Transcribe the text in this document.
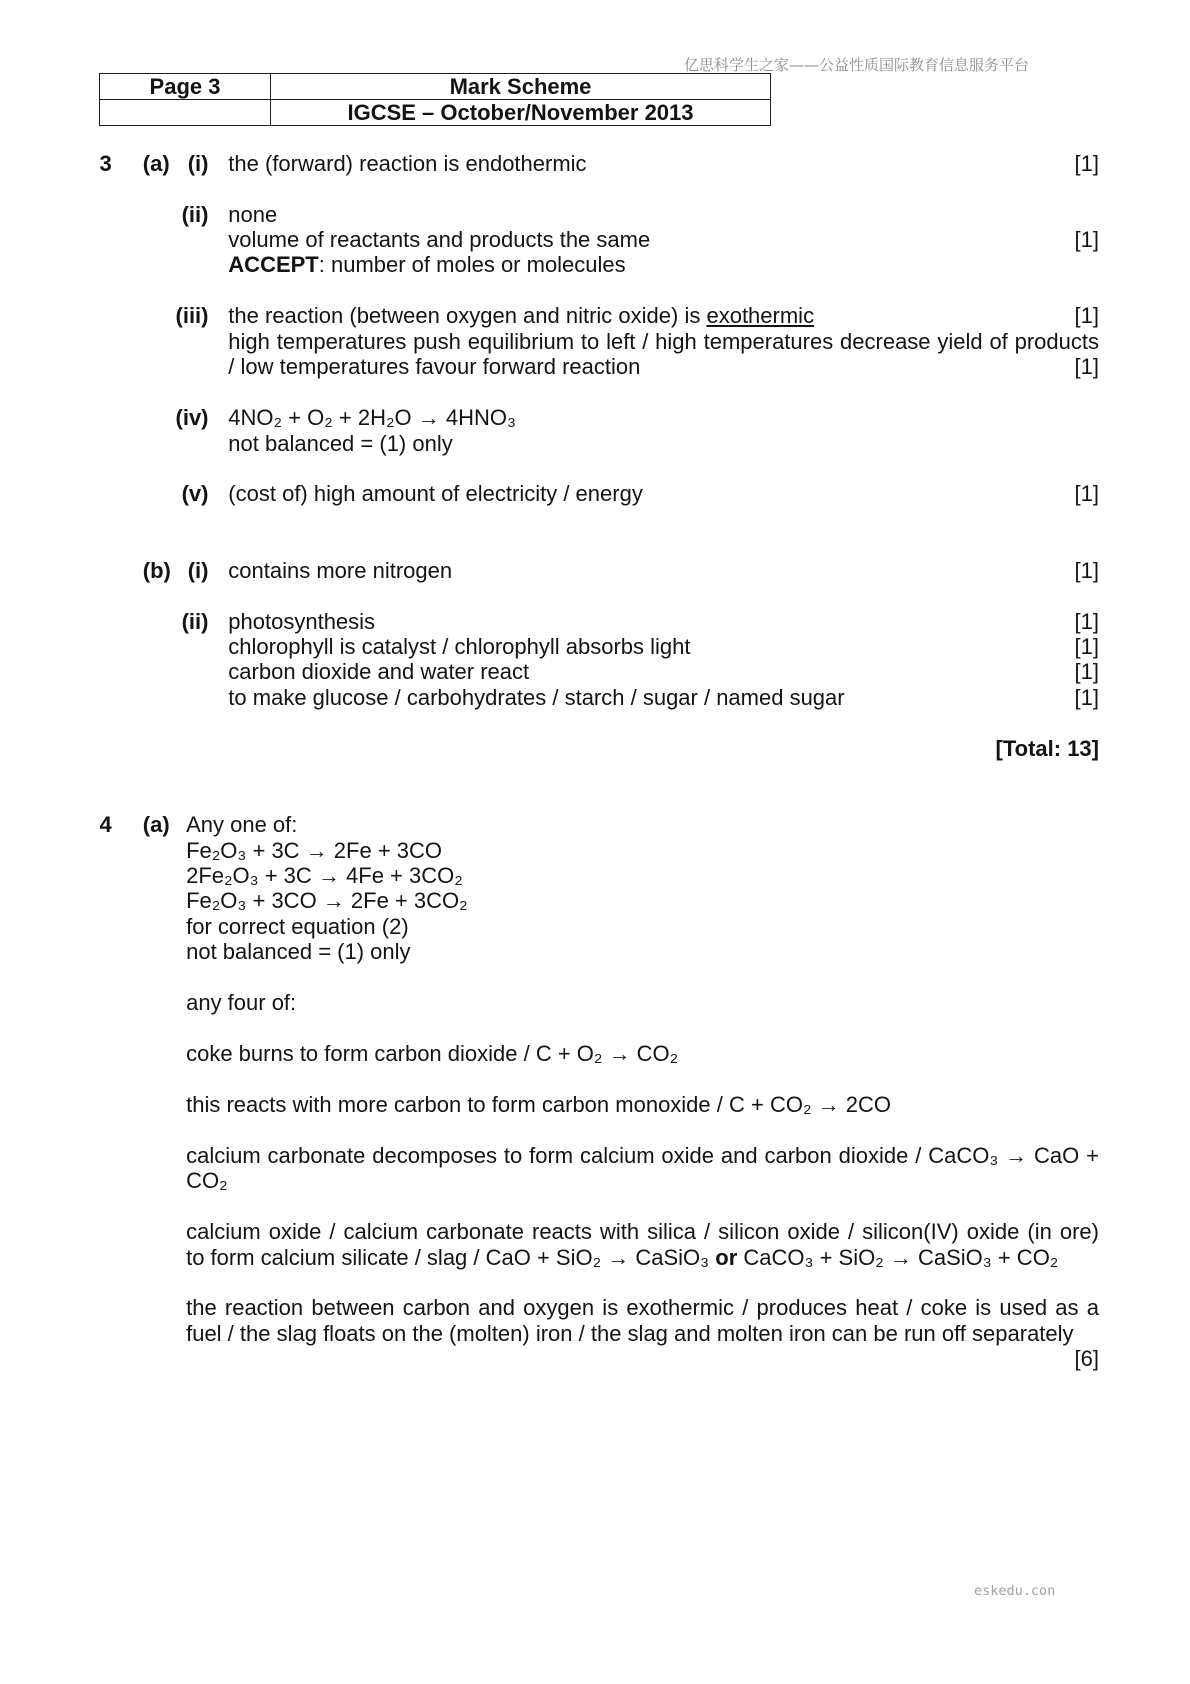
亿思科学生之家——公益性质国际教育信息服务平台
Page 3	Mark Scheme
	IGCSE – October/November 2013
3 (a) (i) the (forward) reaction is endothermic	[1]
(ii) none
volume of reactants and products the same	[1]
ACCEPT: number of moles or molecules
(iii) the reaction (between oxygen and nitric oxide) is exothermic	[1]
high temperatures push equilibrium to left / high temperatures decrease yield of products
/ low temperatures favour forward reaction	[1]
(iv) 4NO₂ + O₂ + 2H₂O → 4HNO₃
not balanced = (1) only
(v) (cost of) high amount of electricity / energy	[1]
(b) (i) contains more nitrogen	[1]
(ii) photosynthesis	[1]
chlorophyll is catalyst / chlorophyll absorbs light	[1]
carbon dioxide and water react	[1]
to make glucose / carbohydrates / starch / sugar / named sugar	[1]
[Total: 13]
4 (a) Any one of:
Fe₂O₃ + 3C → 2Fe + 3CO
2Fe₂O₃ + 3C → 4Fe + 3CO₂
Fe₂O₃ + 3CO → 2Fe + 3CO₂
for correct equation (2)
not balanced = (1) only
any four of:
coke burns to form carbon dioxide / C + O₂ → CO₂
this reacts with more carbon to form carbon monoxide / C + CO₂ → 2CO
calcium carbonate decomposes to form calcium oxide and carbon dioxide / CaCO₃ → CaO +
CO₂
calcium oxide / calcium carbonate reacts with silica / silicon oxide / silicon(IV) oxide (in ore)
to form calcium silicate / slag / CaO + SiO₂ → CaSiO₃ or CaCO₃ + SiO₂ → CaSiO₃ + CO₂
the reaction between carbon and oxygen is exothermic / produces heat / coke is used as a
fuel / the slag floats on the (molten) iron / the slag and molten iron can be run off separately
[6]
eskedu.con
